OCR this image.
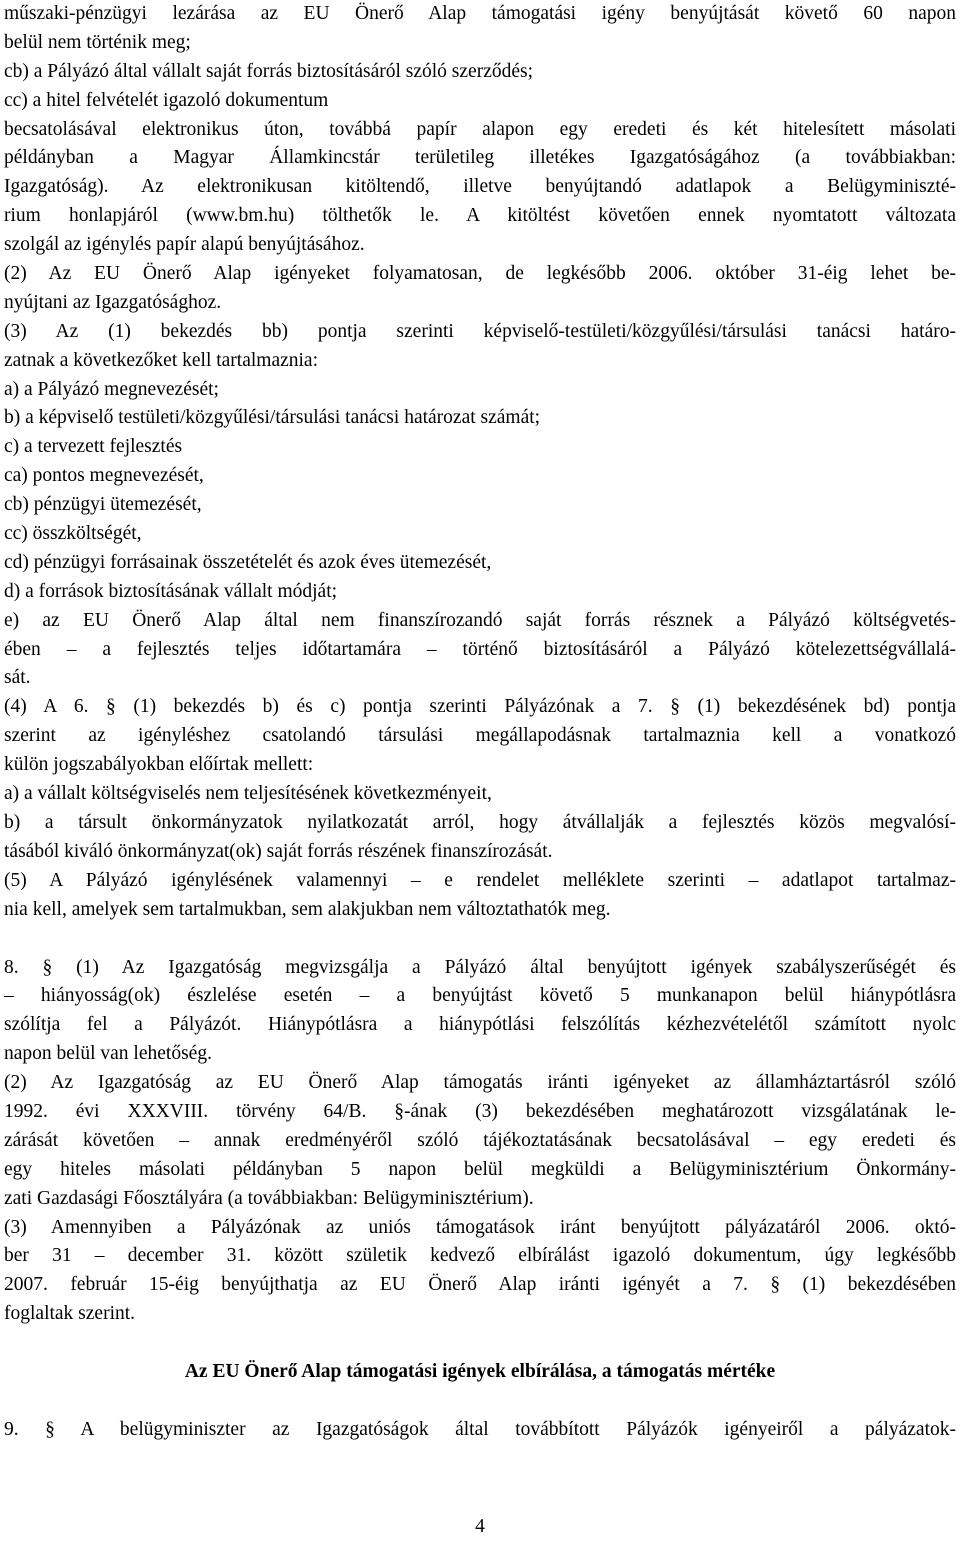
műszaki-pénzügyi lezárása az EU Önerő Alap támogatási igény benyújtását követő 60 napon
belül nem történik meg;
cb) a Pályázó által vállalt saját forrás biztosításáról szóló szerződés;
cc) a hitel felvételét igazoló dokumentum
becsatolásával elektronikus úton, továbbá papír alapon egy eredeti és két hitelesített másolati
példányban a Magyar Államkincstár területileg illetékes Igazgatóságához (a továbbiakban:
Igazgatóság). Az elektronikusan kitöltendő, illetve benyújtandó adatlapok a Belügyminiszté-
rium honlapjáról (www.bm.hu) tölthetők le. A kitöltést követően ennek nyomtatott változata
szolgál az igénylés papír alapú benyújtásához.
(2) Az EU Önerő Alap igényeket folyamatosan, de legkésőbb 2006. október 31-éig lehet be-
nyújtani az Igazgatósághoz.
(3) Az (1) bekezdés bb) pontja szerinti képviselő-testületi/közgyűlési/társulási tanácsi határo-
zatnak a következőket kell tartalmaznia:
a) a Pályázó megnevezését;
b) a képviselő testületi/közgyűlési/társulási tanácsi határozat számát;
c) a tervezett fejlesztés
ca) pontos megnevezését,
cb) pénzügyi ütemezését,
cc) összköltségét,
cd) pénzügyi forrásainak összetételét és azok éves ütemezését,
d) a források biztosításának vállalt módját;
e) az EU Önerő Alap által nem finanszírozandó saját forrás résznek a Pályázó költségvetés-
ében – a fejlesztés teljes időtartamára – történő biztosításáról a Pályázó kötelezettségvállalá-
sát.
(4) A 6. § (1) bekezdés b) és c) pontja szerinti Pályázónak a 7. § (1) bekezdésének bd) pontja
szerint az igényléshez csatolandó társulási megállapodásnak tartalmaznia kell a vonatkozó
külön jogszabályokban előírtak mellett:
a) a vállalt költségviselés nem teljesítésének következményeit,
b) a társult önkormányzatok nyilatkozatát arról, hogy átvállalják a fejlesztés közös megvalósí-
tásából kiváló önkormányzat(ok) saját forrás részének finanszírozását.
(5) A Pályázó igénylésének valamennyi – e rendelet mellékletе szerinti – adatlapot tartalmaz-
nia kell, amelyek sem tartalmukban, sem alakjukban nem változtathatók meg.
8. § (1) Az Igazgatóság megvizsgálja a Pályázó által benyújtott igények szabályszerűségét és
– hiányosság(ok) észlelése esetén – a benyújtást követő 5 munkanapon belül hiánypótlásra
szólítja fel a Pályázót. Hiánypótlásra a hiánypótlási felszólítás kézhezvételétől számított nyolc
napon belül van lehetőség.
(2) Az Igazgatóság az EU Önerő Alap támogatás iránti igényeket az államháztartásról szóló
1992. évi XXXVIII. törvény 64/B. §-ának (3) bekezdésében meghatározott vizsgálatának le-
zárását követően – annak eredményéről szóló tájékoztatásának becsatolásával – egy eredeti és
egy hiteles másolati példányban 5 napon belül megküldi a Belügyminisztérium Önkormány-
zati Gazdasági Főosztályára (a továbbiakban: Belügyminisztérium).
(3) Amennyiben a Pályázónak az uniós támogatások iránt benyújtott pályázatáról 2006. októ-
ber 31 – december 31. között születik kedvező elbírálást igazoló dokumentum, úgy legkésőbb
2007. február 15-éig benyújthatja az EU Önerő Alap iránti igényét a 7. § (1) bekezdésében
foglaltak szerint.
Az EU Önerő Alap támogatási igények elbírálása, a támogatás mértéke
9. § A belügyminiszter az Igazgatóságok által továbbított Pályázók igényeiről a pályázatok-
4
